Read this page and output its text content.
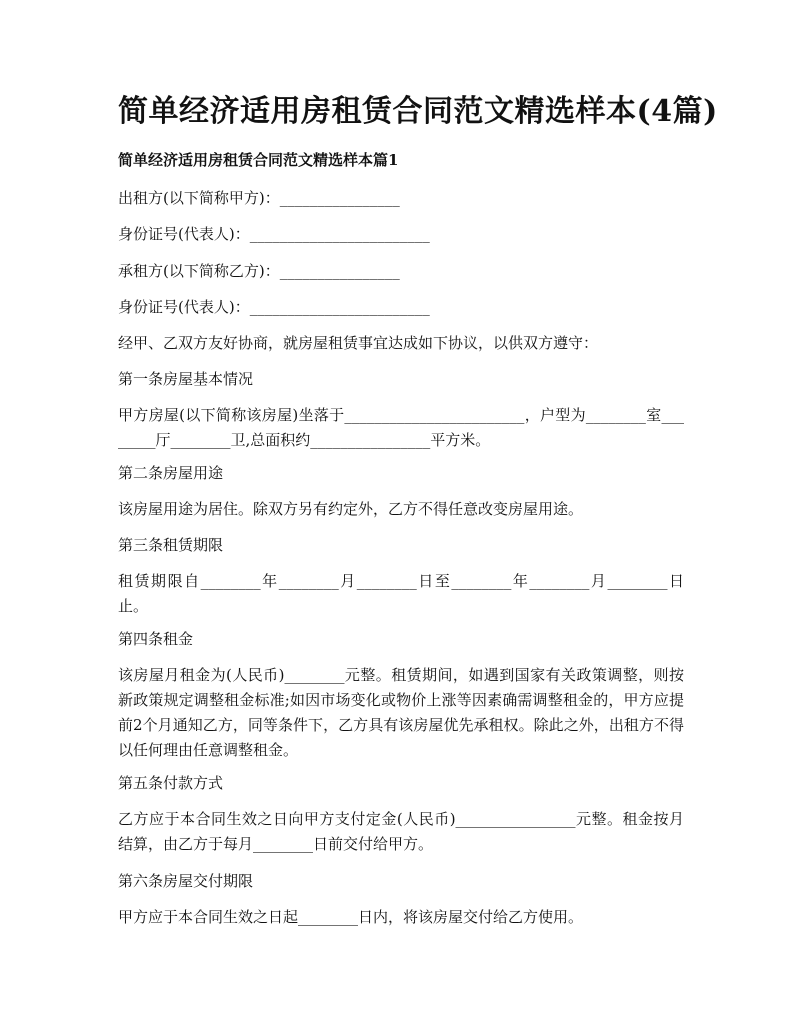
简单经济适用房租赁合同范文精选样本(4篇)
简单经济适用房租赁合同范文精选样本篇1
出租方(以下简称甲方)：________________
身份证号(代表人)：________________________
承租方(以下简称乙方)：________________
身份证号(代表人)：________________________
经甲、乙双方友好协商，就房屋租赁事宜达成如下协议，以供双方遵守：
第一条房屋基本情况
甲方房屋(以下简称该房屋)坐落于________________________，户型为________室________厅________卫,总面积约________________平方米。
第二条房屋用途
该房屋用途为居住。除双方另有约定外，乙方不得任意改变房屋用途。
第三条租赁期限
租赁期限自________年________月________日至________年________月________日止。
第四条租金
该房屋月租金为(人民币)________元整。租赁期间，如遇到国家有关政策调整，则按新政策规定调整租金标准;如因市场变化或物价上涨等因素确需调整租金的，甲方应提前2个月通知乙方，同等条件下，乙方具有该房屋优先承租权。除此之外，出租方不得以任何理由任意调整租金。
第五条付款方式
乙方应于本合同生效之日向甲方支付定金(人民币)________________元整。租金按月结算，由乙方于每月________日前交付给甲方。
第六条房屋交付期限
甲方应于本合同生效之日起________日内，将该房屋交付给乙方使用。
